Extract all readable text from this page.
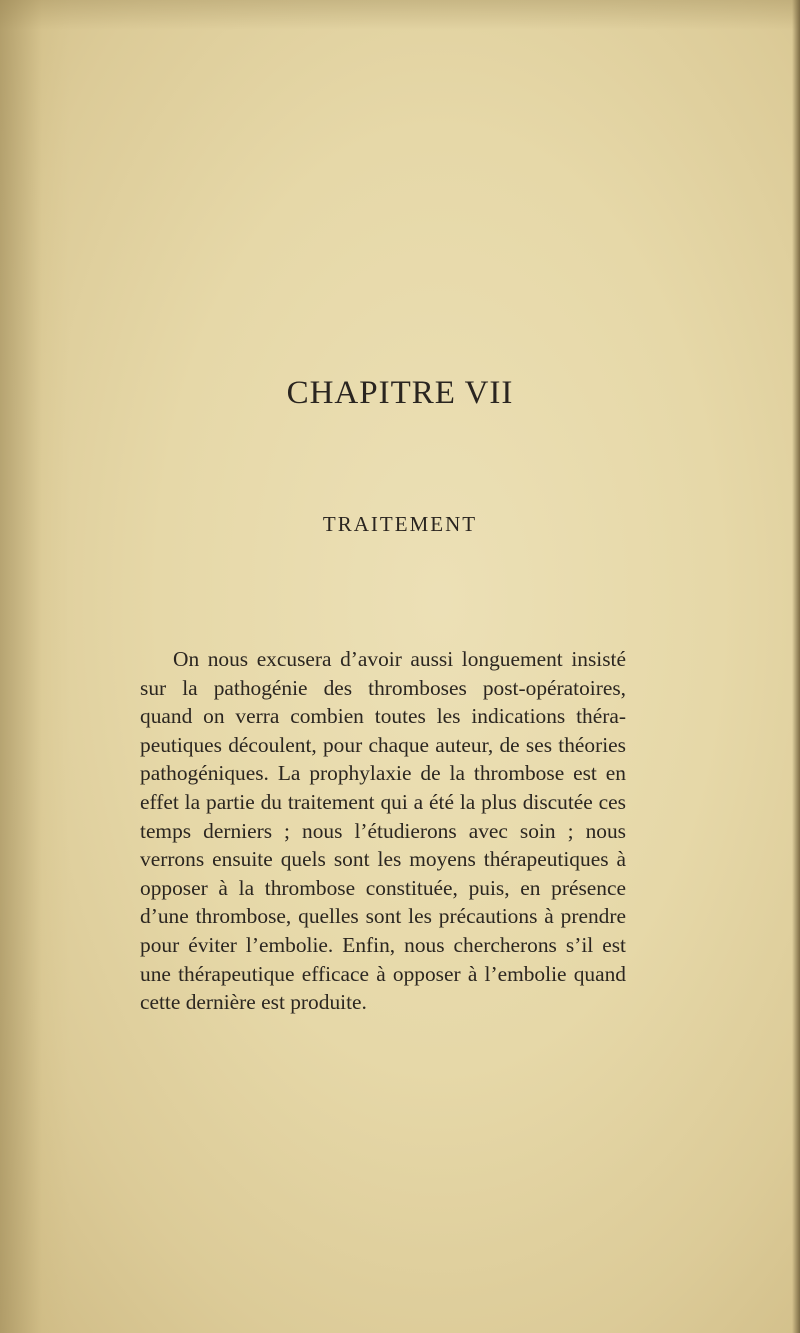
CHAPITRE VII
TRAITEMENT

On nous excusera d’avoir aussi longuement insisté sur la pathogénie des thromboses post-opératoires, quand on verra combien toutes les indications thérapeutiques découlent, pour chaque auteur, de ses théories pathogéniques. La prophylaxie de la thrombose est en effet la partie du traitement qui a été la plus discutée ces temps derniers ; nous l’étudierons avec soin ; nous verrons ensuite quels sont les moyens thérapeutiques à opposer à la thrombose constituée, puis, en présence d’une thrombose, quelles sont les précautions à prendre pour éviter l’embolie. Enfin, nous chercherons s’il est une thérapeutique efficace à opposer à l’embolie quand cette dernière est produite.
